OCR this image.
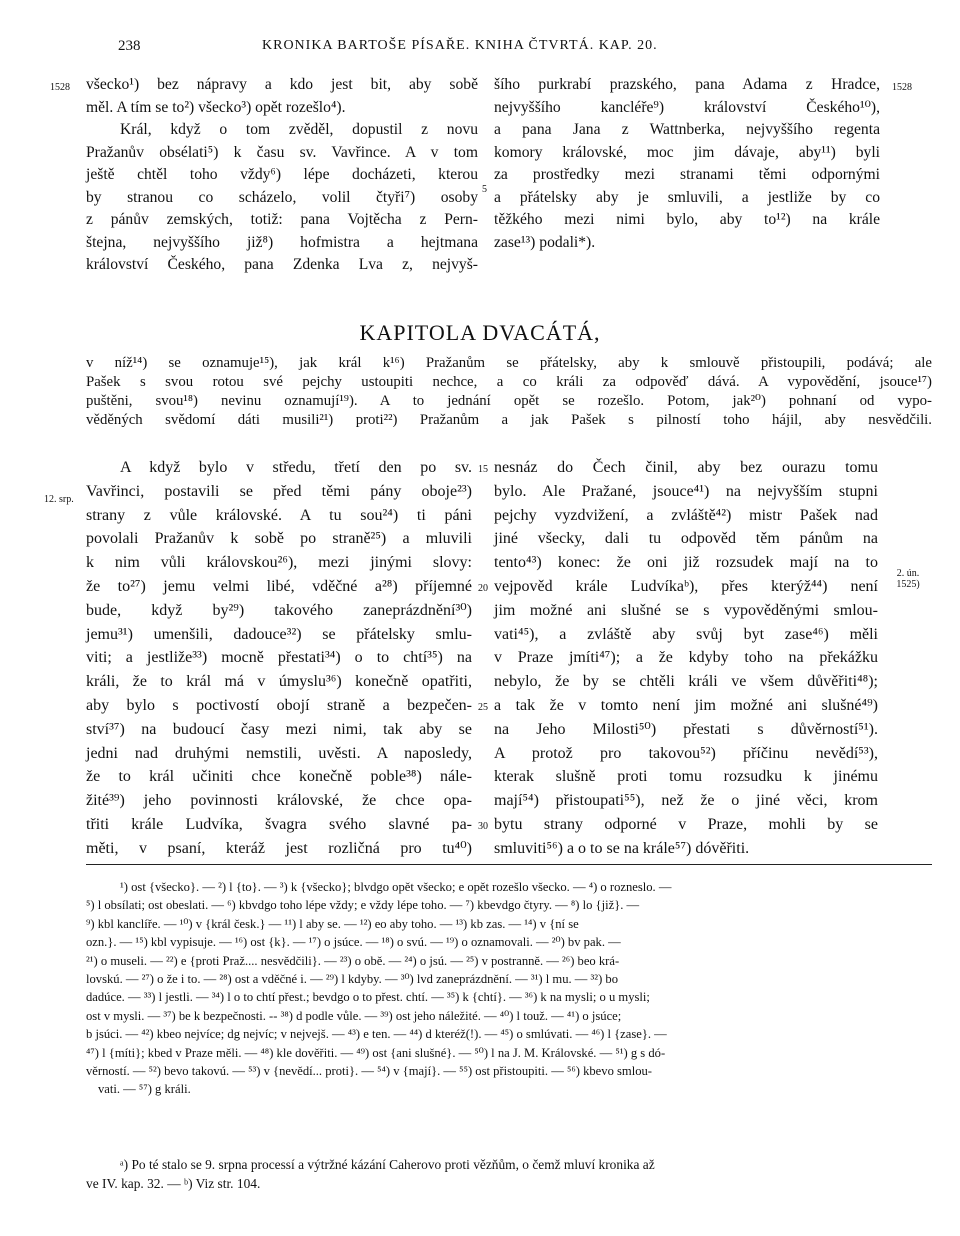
238	KRONIKA BARTOŠE PÍSAŘE. KNIHA ČTVRTÁ. KAP. 20.
1528 všecko¹) bez nápravy a kdo jest bit, aby sobě
měl. A tím se to²) všecko³) opět rozešlo⁴).
Král, když o tom zvěděl, dopustil z novu
Pražanův obsélati⁵) k času sv. Vavřince. A v tom
ještě chtěl toho vždy⁶) lépe docházeti, kterou
by stranou co scházelo, volil čtyři⁷) osoby
z pánův zemských, totiž: pana Vojtěcha z Pern-
štejna, nejvyššího již⁸) hofmistra a hejtmana
království Českého, pana Zdenka Lva z, nejvyš-
5
šího purkrabí prazského, pana Adama z Hradce,
nejvyššího kancléře⁹) království Českého¹⁰),
a pana Jana z Wattnberka, nejvyššího regenta
komory královské, moc jim dávaje, aby¹¹) byli
za prostředky mezi stranami těmi odpornými
a přátelsky aby je smluvili, a jestliže by co
těžkého mezi nimi bylo, aby to¹²) na krále
zase¹³) podali*).
1528
KAPITOLA DVACÁTÁ,
v níž¹⁴) se oznamuje¹⁵), jak král k¹⁶) Pražanům se přátelsky, aby k smlouvě přistoupili, podává; ale
Pašek s svou rotou své pejchy ustoupiti nechce, a co králi za odpověď dává. A vypovědění, jsouce¹⁷)
puštěni, svou¹⁸) nevinu oznamují¹⁹). A to jednání opět se rozešlo. Potom, jak²⁰) pohnaní od vypo-
věděných svědomí dáti musili²¹) proti²²) Pražanům a jak Pašek s pilností toho hájil, aby nesvědčili.
12. srp.
A když bylo v středu, třetí den po sv.
Vavřinci, postavili se před těmi pány oboje²³)
strany z vůle královské. A tu sou²⁴) ti páni
povolali Pražanův k sobě po straně²⁵) a mluvili
k nim vůli královskou²⁶), mezi jinými slovy:
že to²⁷) jemu velmi libé, vděčné a²⁸) příjemné
bude, když by²⁹) takového zaneprázdnění³⁰)
jemu³¹) umenšili, dadouce³²) se přátelsky smlu-
viti; a jestliže³³) mocně přestati³⁴) o to chtí³⁵) na
králi, že to král má v úmyslu³⁶) konečně opatřiti,
aby bylo s poctivostí obojí straně a bezpečen-
ství³⁷) na budoucí časy mezi nimi, tak aby se
jedni nad druhými nemstili, uvěsti. A naposledy,
že to král učiniti chce konečně poble³⁸) nále-
žité³⁹) jeho povinnosti královské, že chce opa-
třiti krále Ludvíka, švagra svého slavné pa-
měti, v psaní, kteráž jest rozličná pro tu⁴⁰)
15
20
25
30
nesnáz do Čech činil, aby bez ourazu tomu
bylo. Ale Pražané, jsouce⁴¹) na nejvyšším stupni
pejchy vyzdvižení, a zvláště⁴²) mistr Pašek nad
jiné všecky, dali tu odpověd těm pánům na
tento⁴³) konec: že oni již rozsudek mají na to
vejpověd krále Ludvíkaᵇ), přes kterýž⁴⁴) není
jim možné ani slušné se s vypověděnými smlou-
vati⁴⁵), a zvláště aby svůj byt zase⁴⁶) měli
v Praze jmíti⁴⁷); a že kdyby toho na překážku
nebylo, že by se chtěli králi ve všem důvěřiti⁴⁸);
a tak že v tomto není jim možné ani slušné⁴⁹)
na Jeho Milosti⁵⁰) přestati s důvěrností⁵¹).
A protož pro takovou⁵²) příčinu nevědí⁵³),
kterak slušně proti tomu rozsudku k jinému
mají⁵⁴) přistoupati⁵⁵), než že o jiné věci, krom
bytu strany odporné v Praze, mohli by se
smluviti⁵⁶) a o to se na krále⁵⁷) dóvěřiti.
2. ún.
1525)
¹) ost {všecko}. — ²) l {to}. — ³) k {všecko}; blvdgo opět všecko; e opět rozešlo všecko. — ⁴) o rozneslo. —
⁵) l obsílati; ost obeslati. — ⁶) kbvdgo toho lépe vždy; e vždy lépe toho. — ⁷) kbevdgo čtyry. — ⁸) lo {již}. —
⁹) kbl kanclíře. — ¹⁰) v {král česk.} — ¹¹) l aby se. — ¹²) eo aby toho. — ¹³) kb zas. — ¹⁴) v {ní se
ozn.}. — ¹⁵) kbl vypisuje. — ¹⁶) ost {k}. — ¹⁷) o jsúce. — ¹⁸) o svú. — ¹⁹) o oznamovali. — ²⁰) bv pak. —
²¹) o museli. — ²²) e {proti Praž.... nesvědčili}. — ²³) o obě. — ²⁴) o jsú. — ²⁵) v postranně. — ²⁶) beo krá-
lovskú. — ²⁷) o že i to. — ²⁸) ost a vděčné i. — ²⁹) l kdyby. — ³⁰) lvd zaneprázdnění. — ³¹) l mu. — ³²) bo
dadúce. — ³³) l jestli. — ³⁴) l o to chtí přest.; bevdgo o to přest. chtí. — ³⁵) k {chtí}. — ³⁶) k na mysli; o u mysli;
ost v mysli. — ³⁷) be k bezpečnosti. -- ³⁸) d podle vůle. — ³⁹) ost jeho náležité. — ⁴⁰) l touž. — ⁴¹) o jsúce;
b jsúci. — ⁴²) kbeo nejvíce; dg nejvíc; v nejvejš. — ⁴³) e ten. — ⁴⁴) d kteréž(!). — ⁴⁵) o smlúvati. — ⁴⁶) l {zase}. —
⁴⁷) l {míti}; kbed v Praze měli. — ⁴⁸) kle dověřiti. — ⁴⁹) ost {ani slušné}. — ⁵⁰) l na J. M. Královské. — ⁵¹) g s dó-
věrností. — ⁵²) bevo takovú. — ⁵³) v {nevědí... proti}. — ⁵⁴) v {mají}. — ⁵⁵) ost přistoupiti. — ⁵⁶) kbevo smlou-
vati. — ⁵⁷) g králi.
ᵃ) Po té stalo se 9. srpna processí a výtržné kázání Caherovo proti vězňům, o čemž mluví kronika až
ve IV. kap. 32. — ᵇ) Viz str. 104.
